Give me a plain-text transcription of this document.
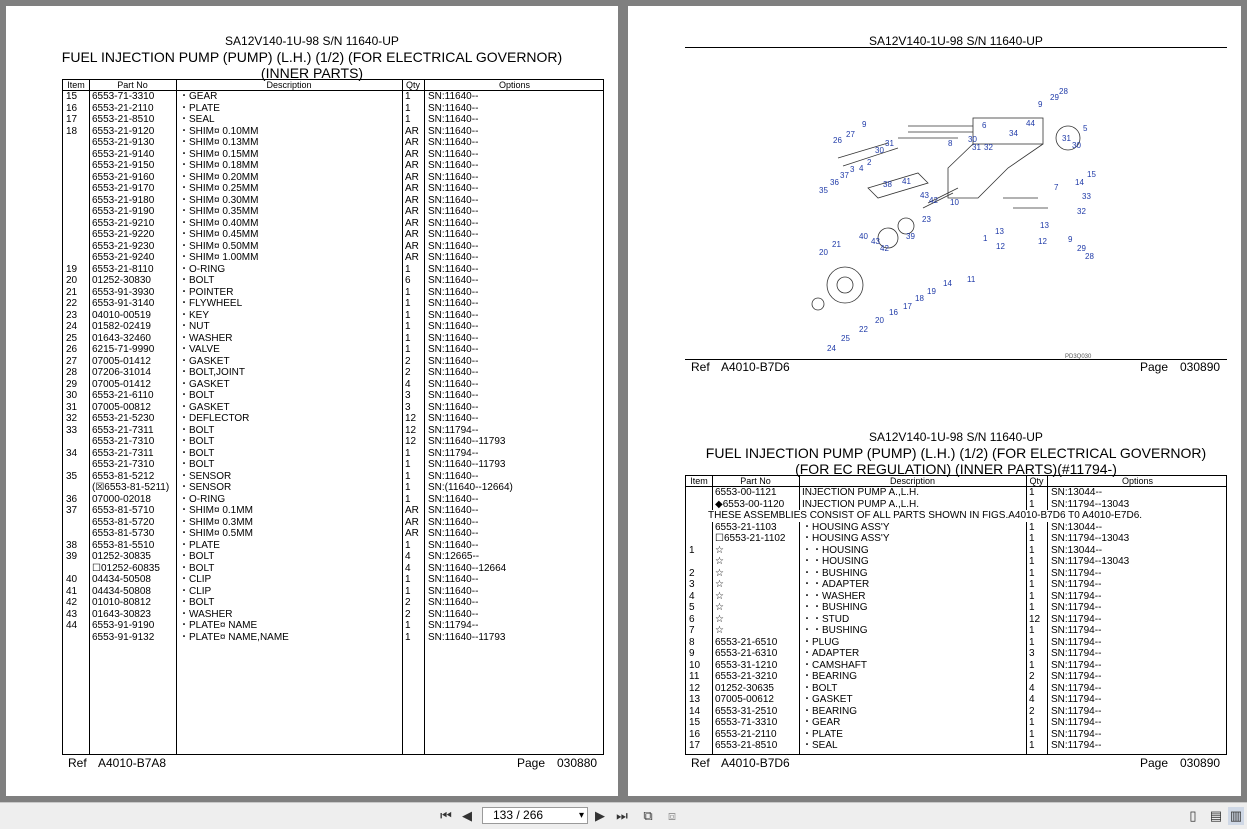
SA12V140-1U-98 S/N 11640-UP
FUEL INJECTION PUMP (PUMP) (L.H.) (1/2) (FOR ELECTRICAL GOVERNOR)
(INNER PARTS)
Item	Part No	Description	Qty	Options
15 6553-71-3310 ・GEAR	1 SN:11640--
16 6553-21-2110	・PLATE	1 SN:11640--
17 6553-21-8510 ・SEAL	1 SN:11640--
18 6553-21-9120 ・SHIM¤ 0.10MM	AR SN:11640--
6553-21-9130 ・SHIM¤ 0.13MM	AR SN:11640--
6553-21-9140 ・SHIM¤ 0.15MM	AR SN:11640--
6553-21-9150 ・SHIM¤ 0.18MM	AR SN:11640--
6553-21-9160 ・SHIM¤ 0.20MM	AR SN:11640--
6553-21-9170 ・SHIM¤ 0.25MM	AR SN:11640--
6553-21-9180 ・SHIM¤ 0.30MM	AR SN:11640--
6553-21-9190 ・SHIM¤ 0.35MM	AR SN:11640--
6553-21-9210 ・SHIM¤ 0.40MM	AR SN:11640--
6553-21-9220 ・SHIM¤ 0.45MM	AR SN:11640--
6553-21-9230 ・SHIM¤ 0.50MM	AR SN:11640--
6553-21-9240 ・SHIM¤ 1.00MM	AR SN:11640--
19 6553-21-8110	・O-RING	1 SN:11640--
20 01252-30830	・BOLT	6 SN:11640--
21 6553-91-3930 ・POINTER	1 SN:11640--
22 6553-91-3140 ・FLYWHEEL	1 SN:11640--
23 04010-00519	・KEY	1 SN:11640--
24 01582-02419	・NUT	1 SN:11640--
25 01643-32460	・WASHER	1 SN:11640--
26 6215-71-9990 ・VALVE	1 SN:11640--
27 07005-01412	・GASKET	2 SN:11640--
28 07206-31014	・BOLT,JOINT	2 SN:11640--
29 07005-01412	・GASKET	4 SN:11640--
30 6553-21-6110	・BOLT	3 SN:11640--
31 07005-00812	・GASKET	3 SN:11640--
32 6553-21-5230 ・DEFLECTOR	12 SN:11640--
33 6553-21-7311	・BOLT	12 SN:11794--
6553-21-7310 ・BOLT	12 SN:11640--11793
34 6553-21-7311	・BOLT	1 SN:11794--
6553-21-7310 ・BOLT	1 SN:11640--11793
35 6553-81-5212 ・SENSOR	1 SN:11640--
(☒6553-81-5211) ・SENSOR	1 SN:(11640--12664)
36 07000-02018	・O-RING	1 SN:11640--
37 6553-81-5710 ・SHIM¤ 0.1MM	AR SN:11640--
6553-81-5720 ・SHIM¤ 0.3MM	AR SN:11640--
6553-81-5730 ・SHIM¤ 0.5MM	AR SN:11640--
38 6553-81-5510 ・PLATE	1 SN:11640--
39 01252-30835	・BOLT	4 SN:12665--
☐01252-60835 ・BOLT	4 SN:11640--12664
40 04434-50508	・CLIP	1 SN:11640--
41 04434-50808	・CLIP	1 SN:11640--
42 01010-80812	・BOLT	2 SN:11640--
43 01643-30823	・WASHER	2 SN:11640--
44 6553-91-9190 ・PLATE¤ NAME	1 SN:11794--
6553-91-9132 ・PLATE¤ NAME,NAME	1 SN:11640--11793
Ref A4010-B7A8	Page 030880
SA12V140-1U-98 S/N 11640-UP
28
29
9
9	6	44
5
34
27
26	30
8 31 32
31
31
30
30
2
4
3
37
36
15
38 41	14
7
35
43
42 10
33
32
23
13
13
40	39
43	1	12	9
21	42	12	29
20	28
11
14
19
18
17
16
20
22
25
24
PD3Q030
Ref A4010-B7D6	Page 030890
SA12V140-1U-98 S/N 11640-UP
FUEL INJECTION PUMP (PUMP) (L.H.) (1/2) (FOR ELECTRICAL GOVERNOR)
(FOR EC REGULATION) (INNER PARTS)(#11794-)
Item	Part No	Description	Qty	Options
6553-00-1121	INJECTION PUMP A.,L.H.	1 SN:13044--
◆6553-00-1120 INJECTION PUMP A.,L.H.	1 SN:11794--13043
6553-21-1103	・HOUSING ASS'Y	1 SN:13044--
☐6553-21-1102 ・HOUSING ASS'Y	1 SN:11794--13043
1 ☆	・・HOUSING	1 SN:13044--
☆	・・HOUSING	1 SN:11794--13043
2 ☆	・・BUSHING	1 SN:11794--
3 ☆	・・ADAPTER	1 SN:11794--
4 ☆	・・WASHER	1 SN:11794--
5 ☆	・・BUSHING	1 SN:11794--
6 ☆	・・STUD	12 SN:11794--
7 ☆	・・BUSHING	1 SN:11794--
8 6553-21-6510 ・PLUG	1 SN:11794--
9 6553-21-6310 ・ADAPTER	3 SN:11794--
10 6553-31-1210 ・CAMSHAFT	1 SN:11794--
11 6553-21-3210 ・BEARING	2 SN:11794--
12 01252-30635	・BOLT	4 SN:11794--
13 07005-00612	・GASKET	4 SN:11794--
14 6553-31-2510 ・BEARING	2 SN:11794--
15 6553-71-3310 ・GEAR	1 SN:11794--
16 6553-21-2110	・PLATE	1 SN:11794--
17 6553-21-8510 ・SEAL	1 SN:11794--
THESE ASSEMBLIES CONSIST OF ALL PARTS SHOWN IN FIGS.A4010-B7D6 T0 A4010-E7D6.
Ref A4010-B7D6	Page 030890
⏮ ◀	133 / 266	▾ ▶ ⏭	⧉	⧈	▯	▤ ▥
